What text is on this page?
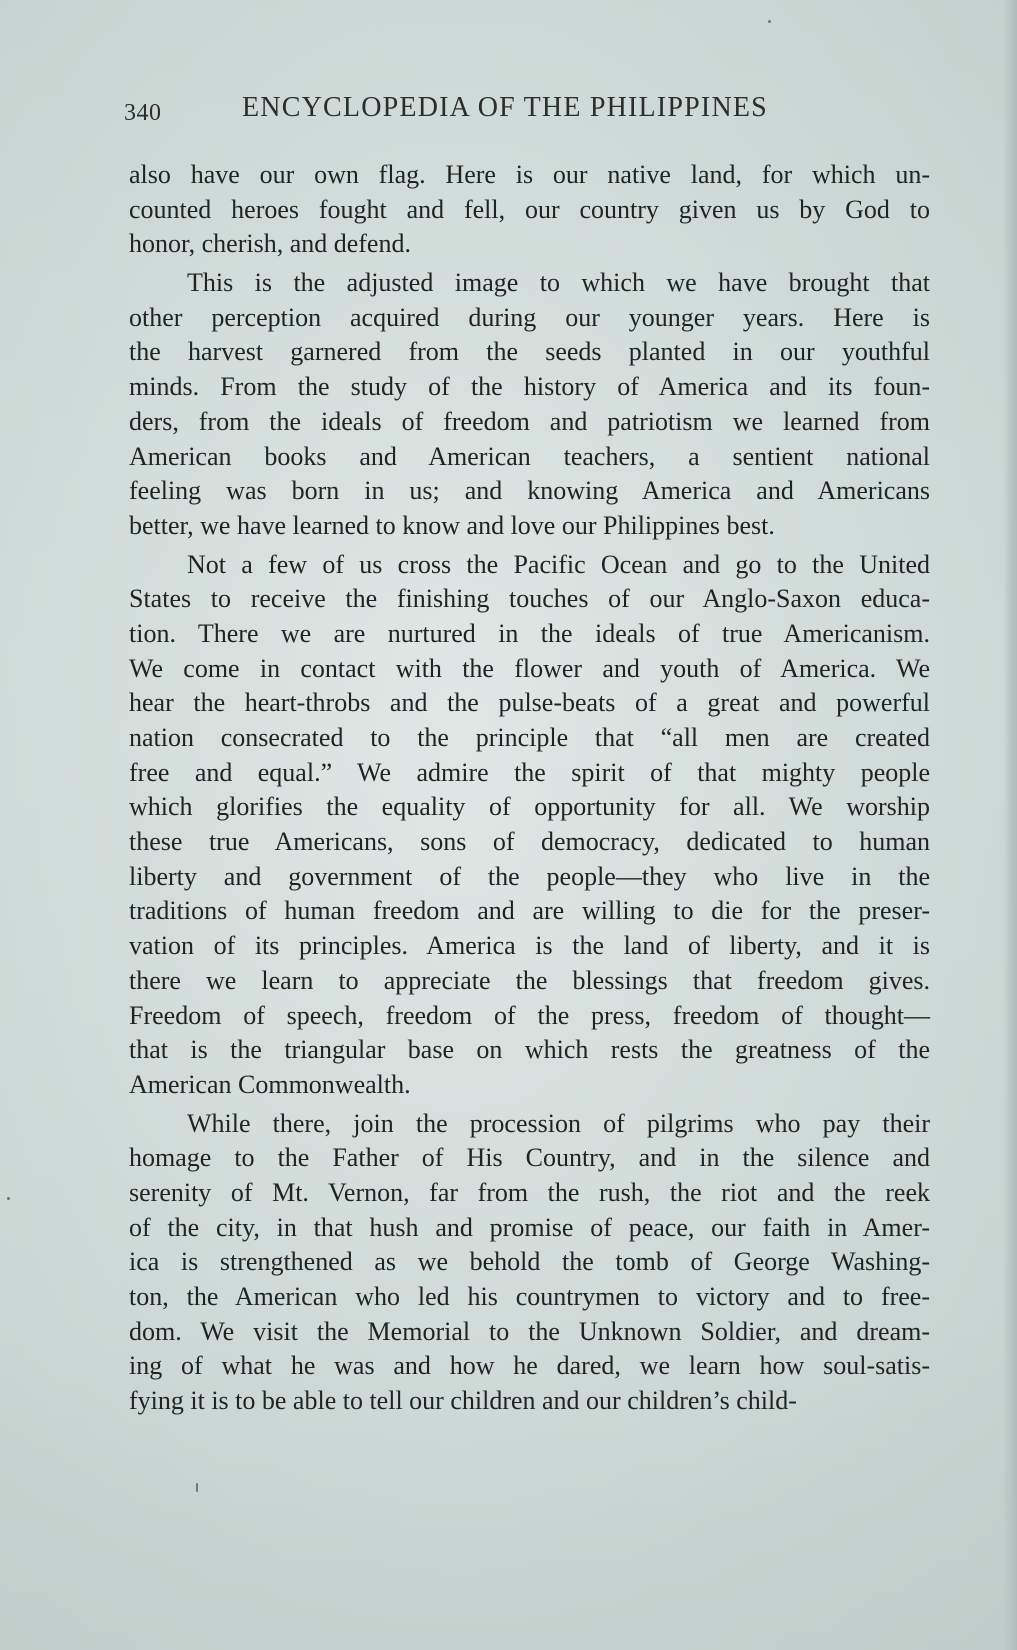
340	ENCYCLOPEDIA OF THE PHILIPPINES
also have our own flag. Here is our native land, for which un-
counted heroes fought and fell, our country given us by God to
honor, cherish, and defend.
This is the adjusted image to which we have brought that
other perception acquired during our younger years. Here is
the harvest garnered from the seeds planted in our youthful
minds. From the study of the history of America and its foun-
ders, from the ideals of freedom and patriotism we learned from
American books and American teachers, a sentient national
feeling was born in us; and knowing America and Americans
better, we have learned to know and love our Philippines best.
Not a few of us cross the Pacific Ocean and go to the United
States to receive the finishing touches of our Anglo-Saxon educa-
tion. There we are nurtured in the ideals of true Americanism.
We come in contact with the flower and youth of America. We
hear the heart-throbs and the pulse-beats of a great and powerful
nation consecrated to the principle that “all men are created
free and equal.” We admire the spirit of that mighty people
which glorifies the equality of opportunity for all. We worship
these true Americans, sons of democracy, dedicated to human
liberty and government of the people—they who live in the
traditions of human freedom and are willing to die for the preser-
vation of its principles. America is the land of liberty, and it is
there we learn to appreciate the blessings that freedom gives.
Freedom of speech, freedom of the press, freedom of thought—
that is the triangular base on which rests the greatness of the
American Commonwealth.
While there, join the procession of pilgrims who pay their
homage to the Father of His Country, and in the silence and
serenity of Mt. Vernon, far from the rush, the riot and the reek
of the city, in that hush and promise of peace, our faith in Amer-
ica is strengthened as we behold the tomb of George Washing-
ton, the American who led his countrymen to victory and to free-
dom. We visit the Memorial to the Unknown Soldier, and dream-
ing of what he was and how he dared, we learn how soul-satis-
fying it is to be able to tell our children and our children’s child-
